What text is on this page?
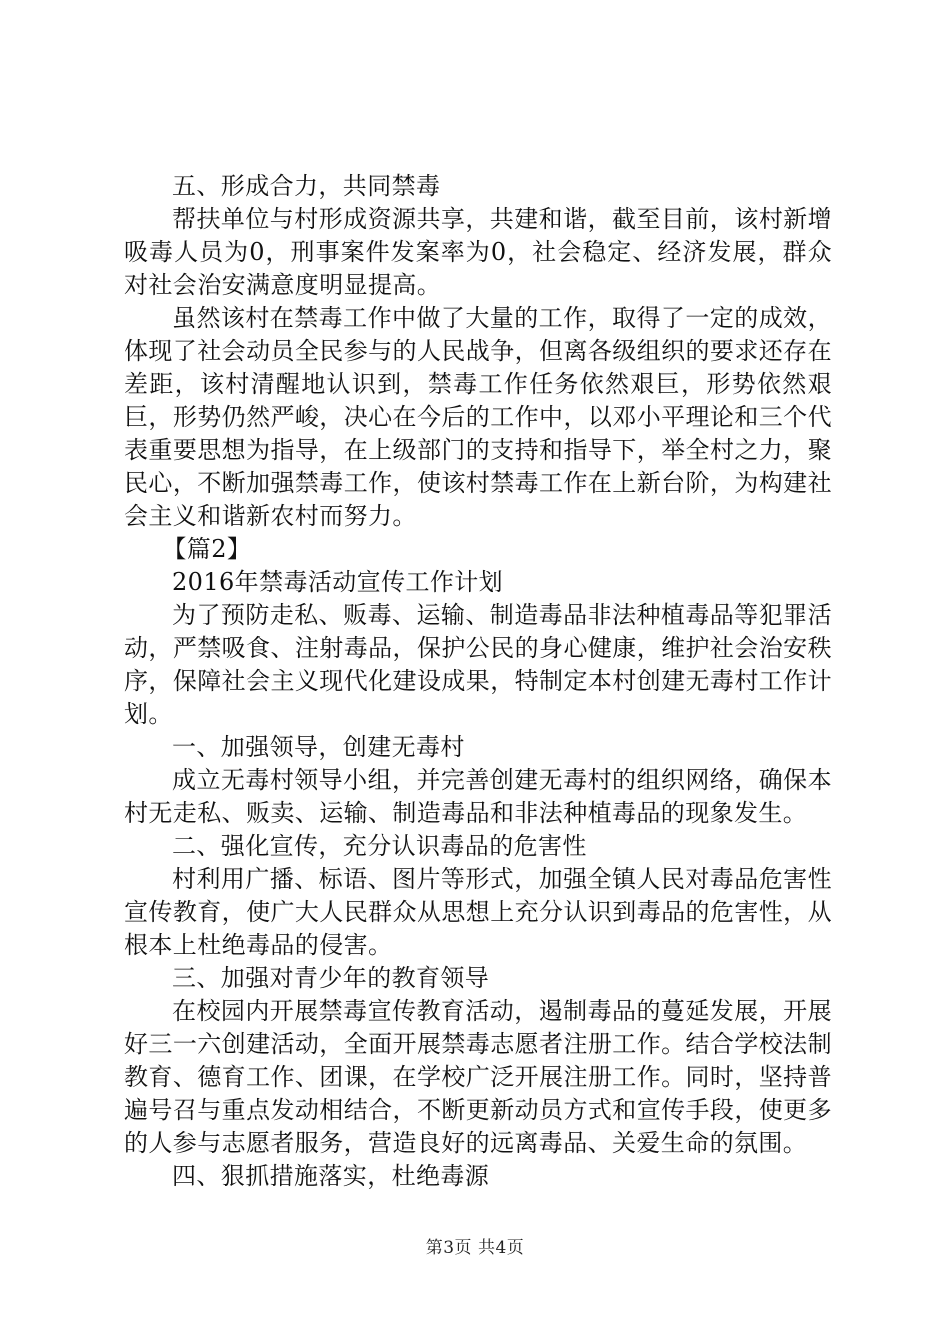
五、形成合力，共同禁毒

帮扶单位与村形成资源共享，共建和谐，截至目前，该村新增吸毒人员为0，刑事案件发案率为0，社会稳定、经济发展，群众对社会治安满意度明显提高。

虽然该村在禁毒工作中做了大量的工作，取得了一定的成效，体现了社会动员全民参与的人民战争，但离各级组织的要求还存在差距，该村清醒地认识到，禁毒工作任务依然艰巨，形势依然艰巨，形势仍然严峻，决心在今后的工作中，以邓小平理论和三个代表重要思想为指导，在上级部门的支持和指导下，举全村之力，聚民心，不断加强禁毒工作，使该村禁毒工作在上新台阶，为构建社会主义和谐新农村而努力。

【篇2】

2016年禁毒活动宣传工作计划

为了预防走私、贩毒、运输、制造毒品非法种植毒品等犯罪活动，严禁吸食、注射毒品，保护公民的身心健康，维护社会治安秩序，保障社会主义现代化建设成果，特制定本村创建无毒村工作计划。

一、加强领导，创建无毒村

成立无毒村领导小组，并完善创建无毒村的组织网络，确保本村无走私、贩卖、运输、制造毒品和非法种植毒品的现象发生。

二、强化宣传，充分认识毒品的危害性

村利用广播、标语、图片等形式，加强全镇人民对毒品危害性宣传教育，使广大人民群众从思想上充分认识到毒品的危害性，从根本上杜绝毒品的侵害。

三、加强对青少年的教育领导

在校园内开展禁毒宣传教育活动，遏制毒品的蔓延发展，开展好三一六创建活动，全面开展禁毒志愿者注册工作。结合学校法制教育、德育工作、团课，在学校广泛开展注册工作。同时，坚持普遍号召与重点发动相结合，不断更新动员方式和宣传手段，使更多的人参与志愿者服务，营造良好的远离毒品、关爱生命的氛围。

四、狠抓措施落实，杜绝毒源

第3页 共4页
